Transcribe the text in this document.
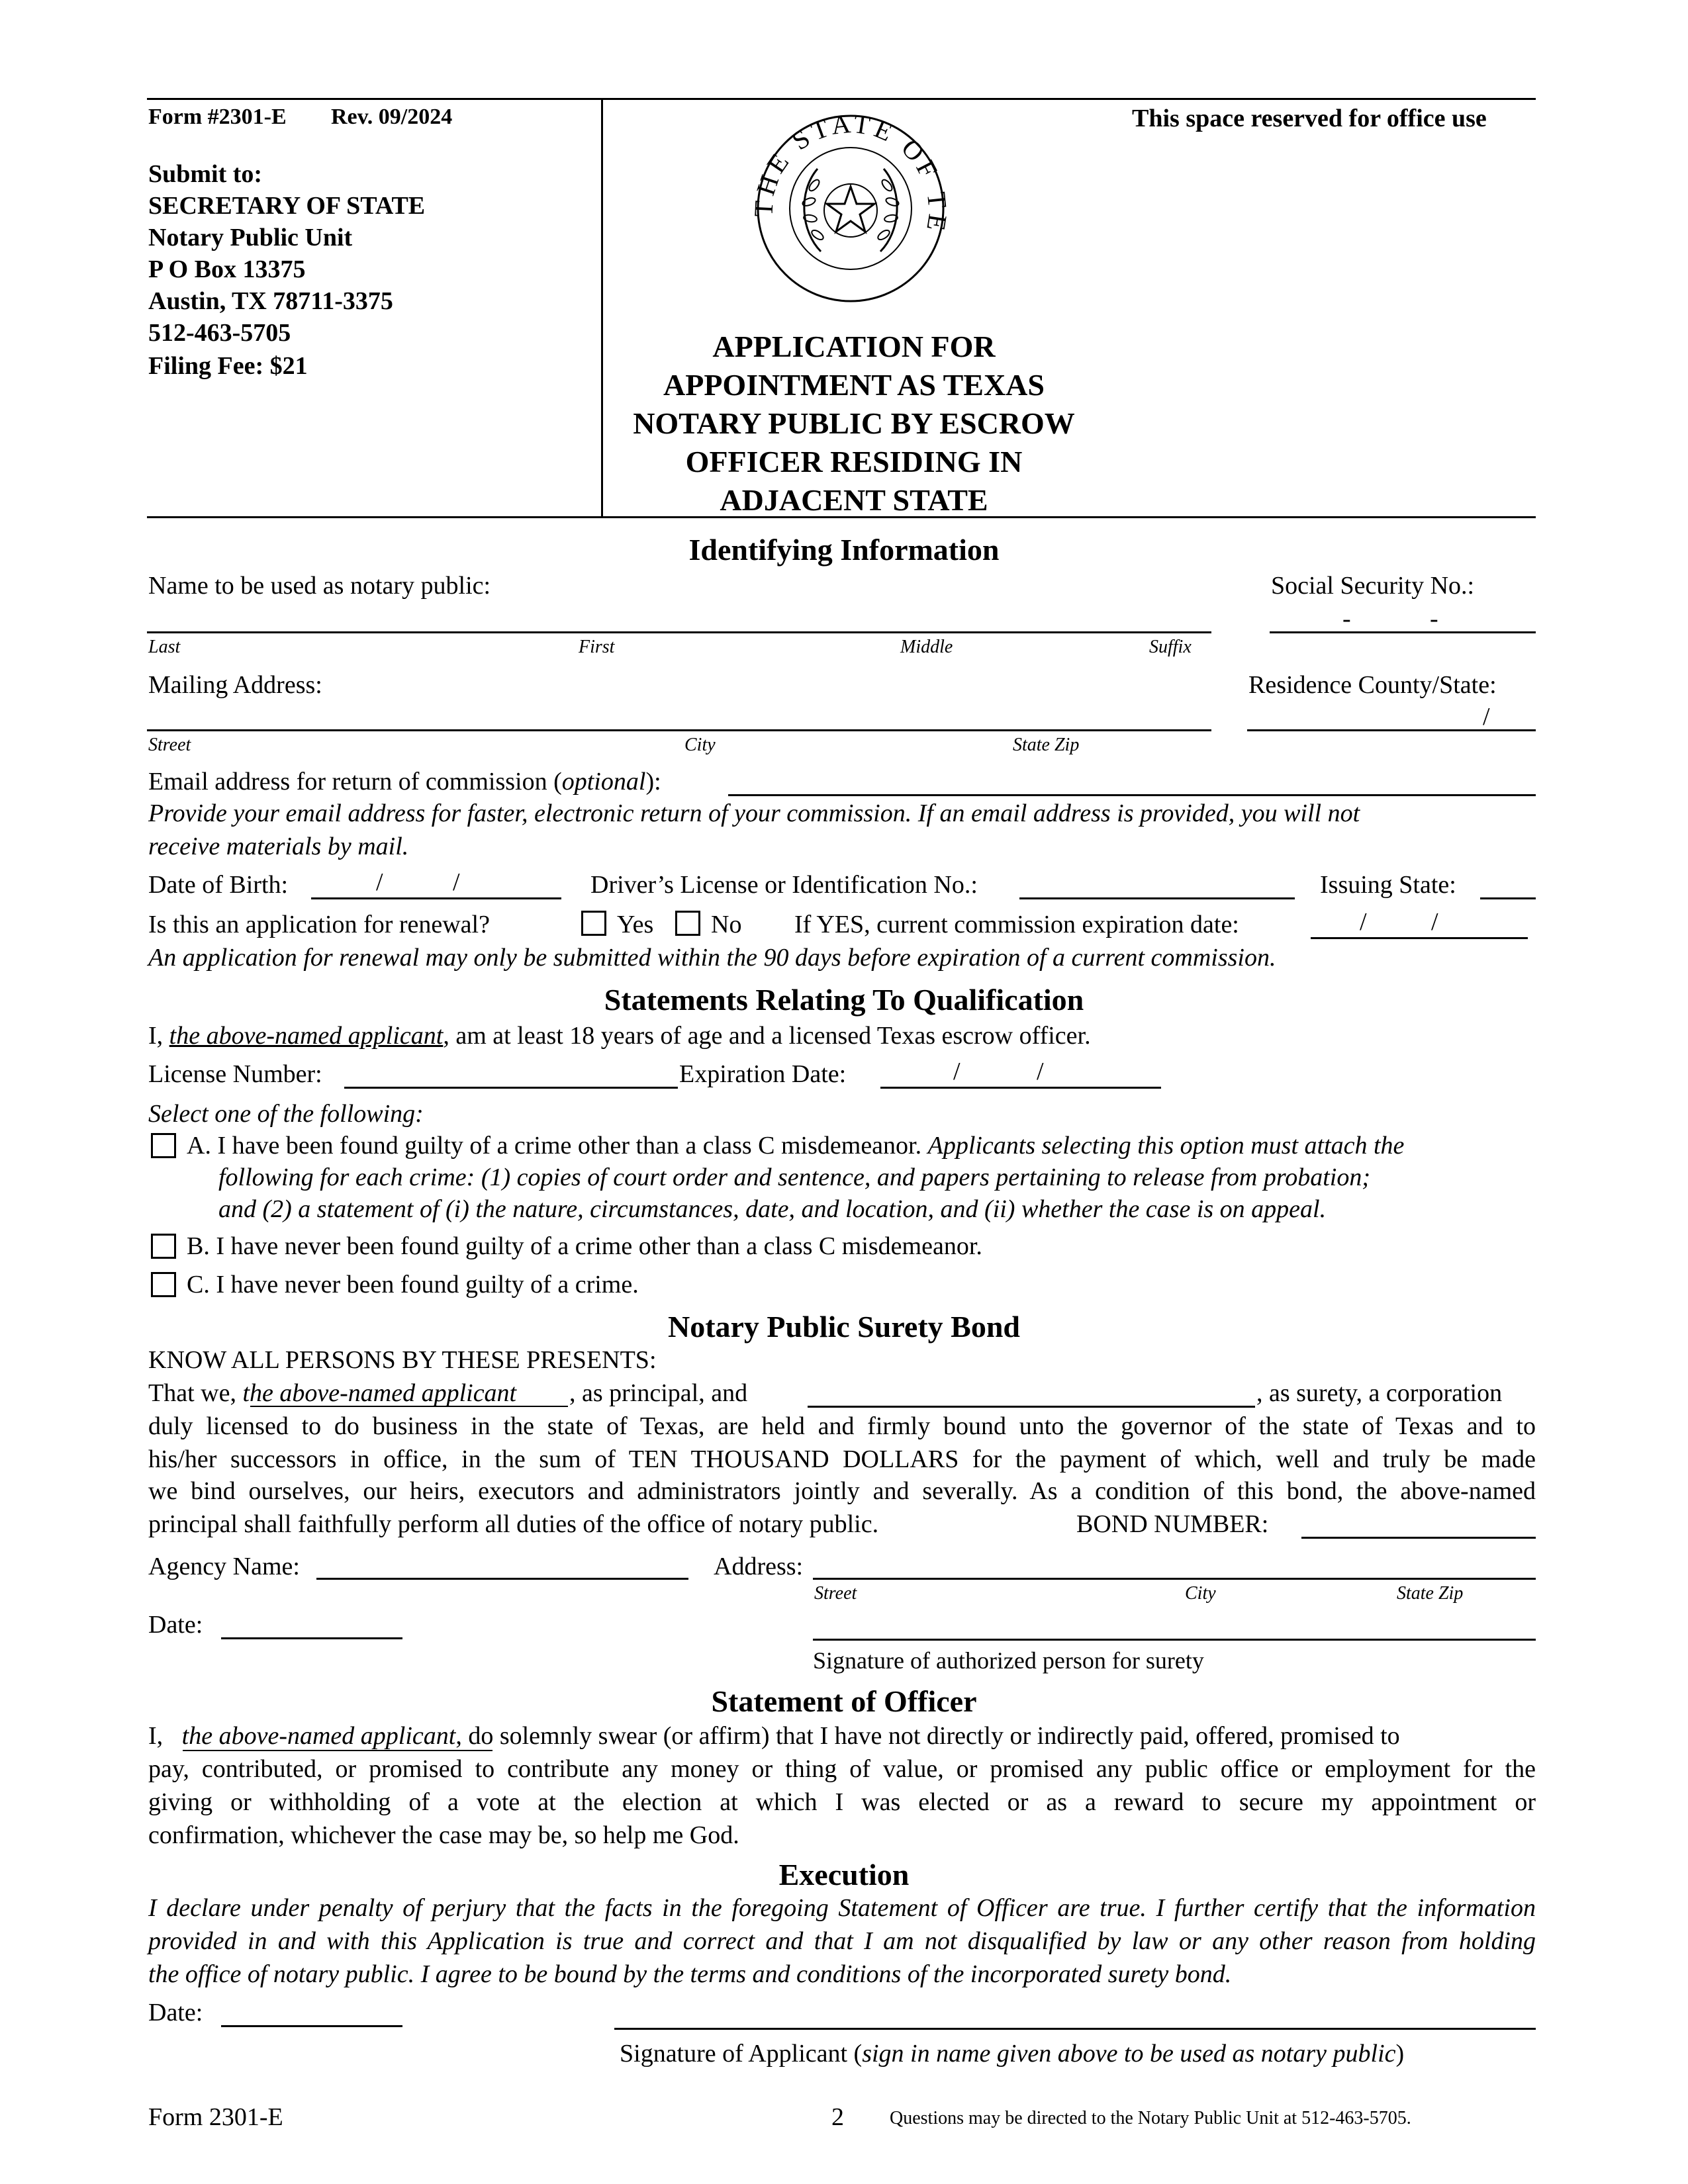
Form #2301-E Rev. 09/2024	This space reserved for office use
Submit to:
SECRETARY OF STATE
Notary Public Unit
P O Box 13375
Austin, TX 78711-3375
512-463-5705
Filing Fee: $21
E STATE OF
APPLICATION FOR
APPOINTMENT AS TEXAS
NOTARY PUBLIC BY ESCROW
OFFICER RESIDING IN
ADJACENT STATE
Identifying Information
Name to be used as notary public:	Social Security No.:
-	-
Last	First	Middle	Suffix
Mailing Address:	Residence County/State:
/
Street	City	State Zip
Email address for return of commission (optional):
Provide your email address for faster, electronic return of your commission. If an email address is provided, you will not
receive materials by mail.
Date of Birth:	/	/	Driver’s License or Identification No.:	Issuing State:
Is this an application for renewal?	Yes No If YES, current commission expiration date:	/	/
An application for renewal may only be submitted within the 90 days before expiration of a current commission.
Statements Relating To Qualification
I, the above-named applicant, am at least 18 years of age and a licensed Texas escrow officer.
License Number:	Expiration Date:	/	/
Select one of the following:
A. I have been found guilty of a crime other than a class C misdemeanor. Applicants selecting this option must attach the
following for each crime: (1) copies of court order and sentence, and papers pertaining to release from probation;
and (2) a statement of (i) the nature, circumstances, date, and location, and (ii) whether the case is on appeal.
B. I have never been found guilty of a crime other than a class C misdemeanor.
C. I have never been found guilty of a crime.
Notary Public Surety Bond
KNOW ALL PERSONS BY THESE PRESENTS:
That we, the above-named applicant , as principal, and	, as surety, a corporation
duly licensed to do business in the state of Texas, are held and firmly bound unto the governor of the state of Texas and to
his/her successors in office, in the sum of TEN THOUSAND DOLLARS for the payment of which, well and truly be made
we bind ourselves, our heirs, executors and administrators jointly and severally. As a condition of this bond, the above-named
principal shall faithfully perform all duties of the office of notary public.	BOND NUMBER:
Agency Name:	Address:
Street	City	State Zip
Date:
Signature of authorized person for surety
Statement of Officer
I,   the above-named applicant, do solemnly swear (or affirm) that I have not directly or indirectly paid, offered, promised to
pay, contributed, or promised to contribute any money or thing of value, or promised any public office or employment for the
giving or withholding of a vote at the election at which I was elected or as a reward to secure my appointment or
confirmation, whichever the case may be, so help me God.
Execution
I declare under penalty of perjury that the facts in the foregoing Statement of Officer are true. I further certify that the information
provided in and with this Application is true and correct and that I am not disqualified by law or any other reason from holding
the office of notary public. I agree to be bound by the terms and conditions of the incorporated surety bond.
Date:
Signature of Applicant (sign in name given above to be used as notary public)
Form 2301-E	2 Questions may be directed to the Notary Public Unit at 512-463-5705.
